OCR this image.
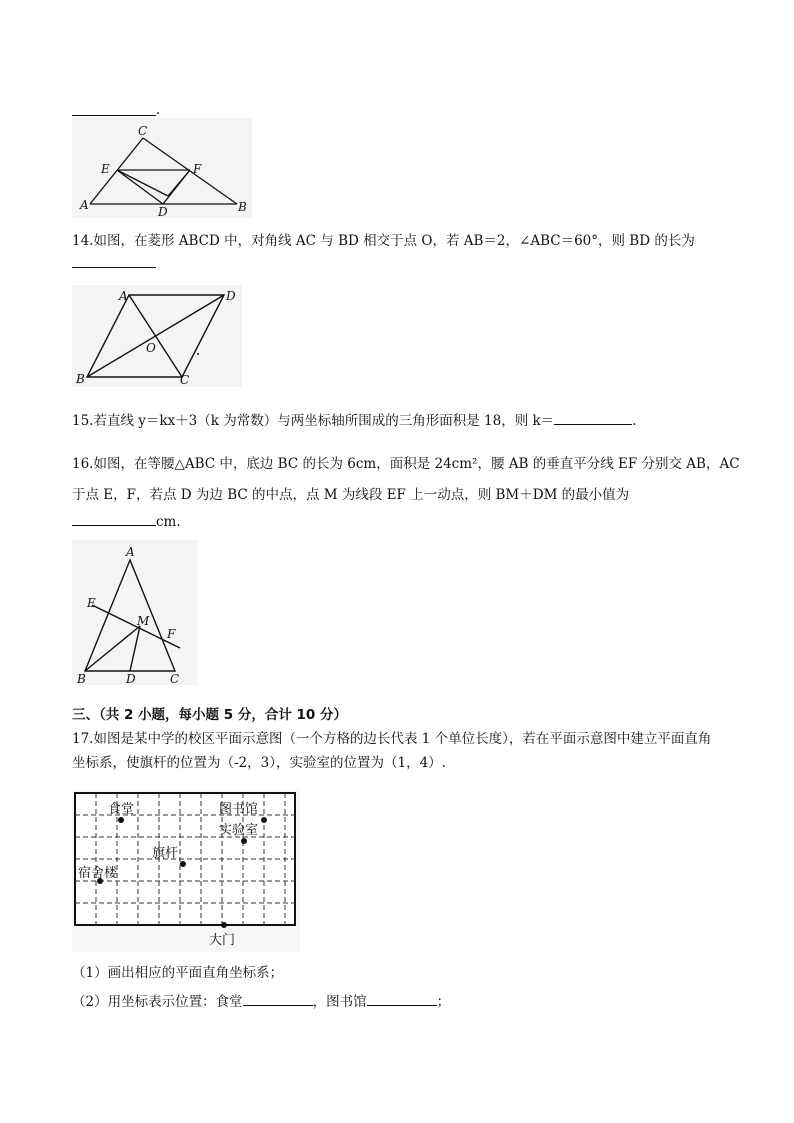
.
C
E	F
A	D	B
14.如图，在菱形 ABCD 中，对角线 AC 与 BD 相交于点 O，若 AB＝2，∠ABC＝60°，则 BD 的长为
A	D
O
B	C
15.若直线 y＝kx＋3（k 为常数）与两坐标轴所围成的三角形面积是 18，则 k＝	.
16.如图，在等腰△ABC 中，底边 BC 的长为 6cm，面积是 24cm²，腰 AB 的垂直平分线 EF 分别交 AB，AC
于点 E，F，若点 D 为边 BC 的中点，点 M 为线段 EF 上一动点，则 BM＋DM 的最小值为
cm.
A
E
M
F
B	D	C
三、（共 2 小题，每小题 5 分，合计 10 分）
17.如图是某中学的校区平面示意图（一个方格的边长代表 1 个单位长度），若在平面示意图中建立平面直角
坐标系，使旗杆的位置为（-2，3），实验室的位置为（1，4）.
食堂	图书馆
实验室
旗杆
宿舍楼
大门
（1）画出相应的平面直角坐标系；
（2）用坐标表示位置：食堂	，图书馆	；
